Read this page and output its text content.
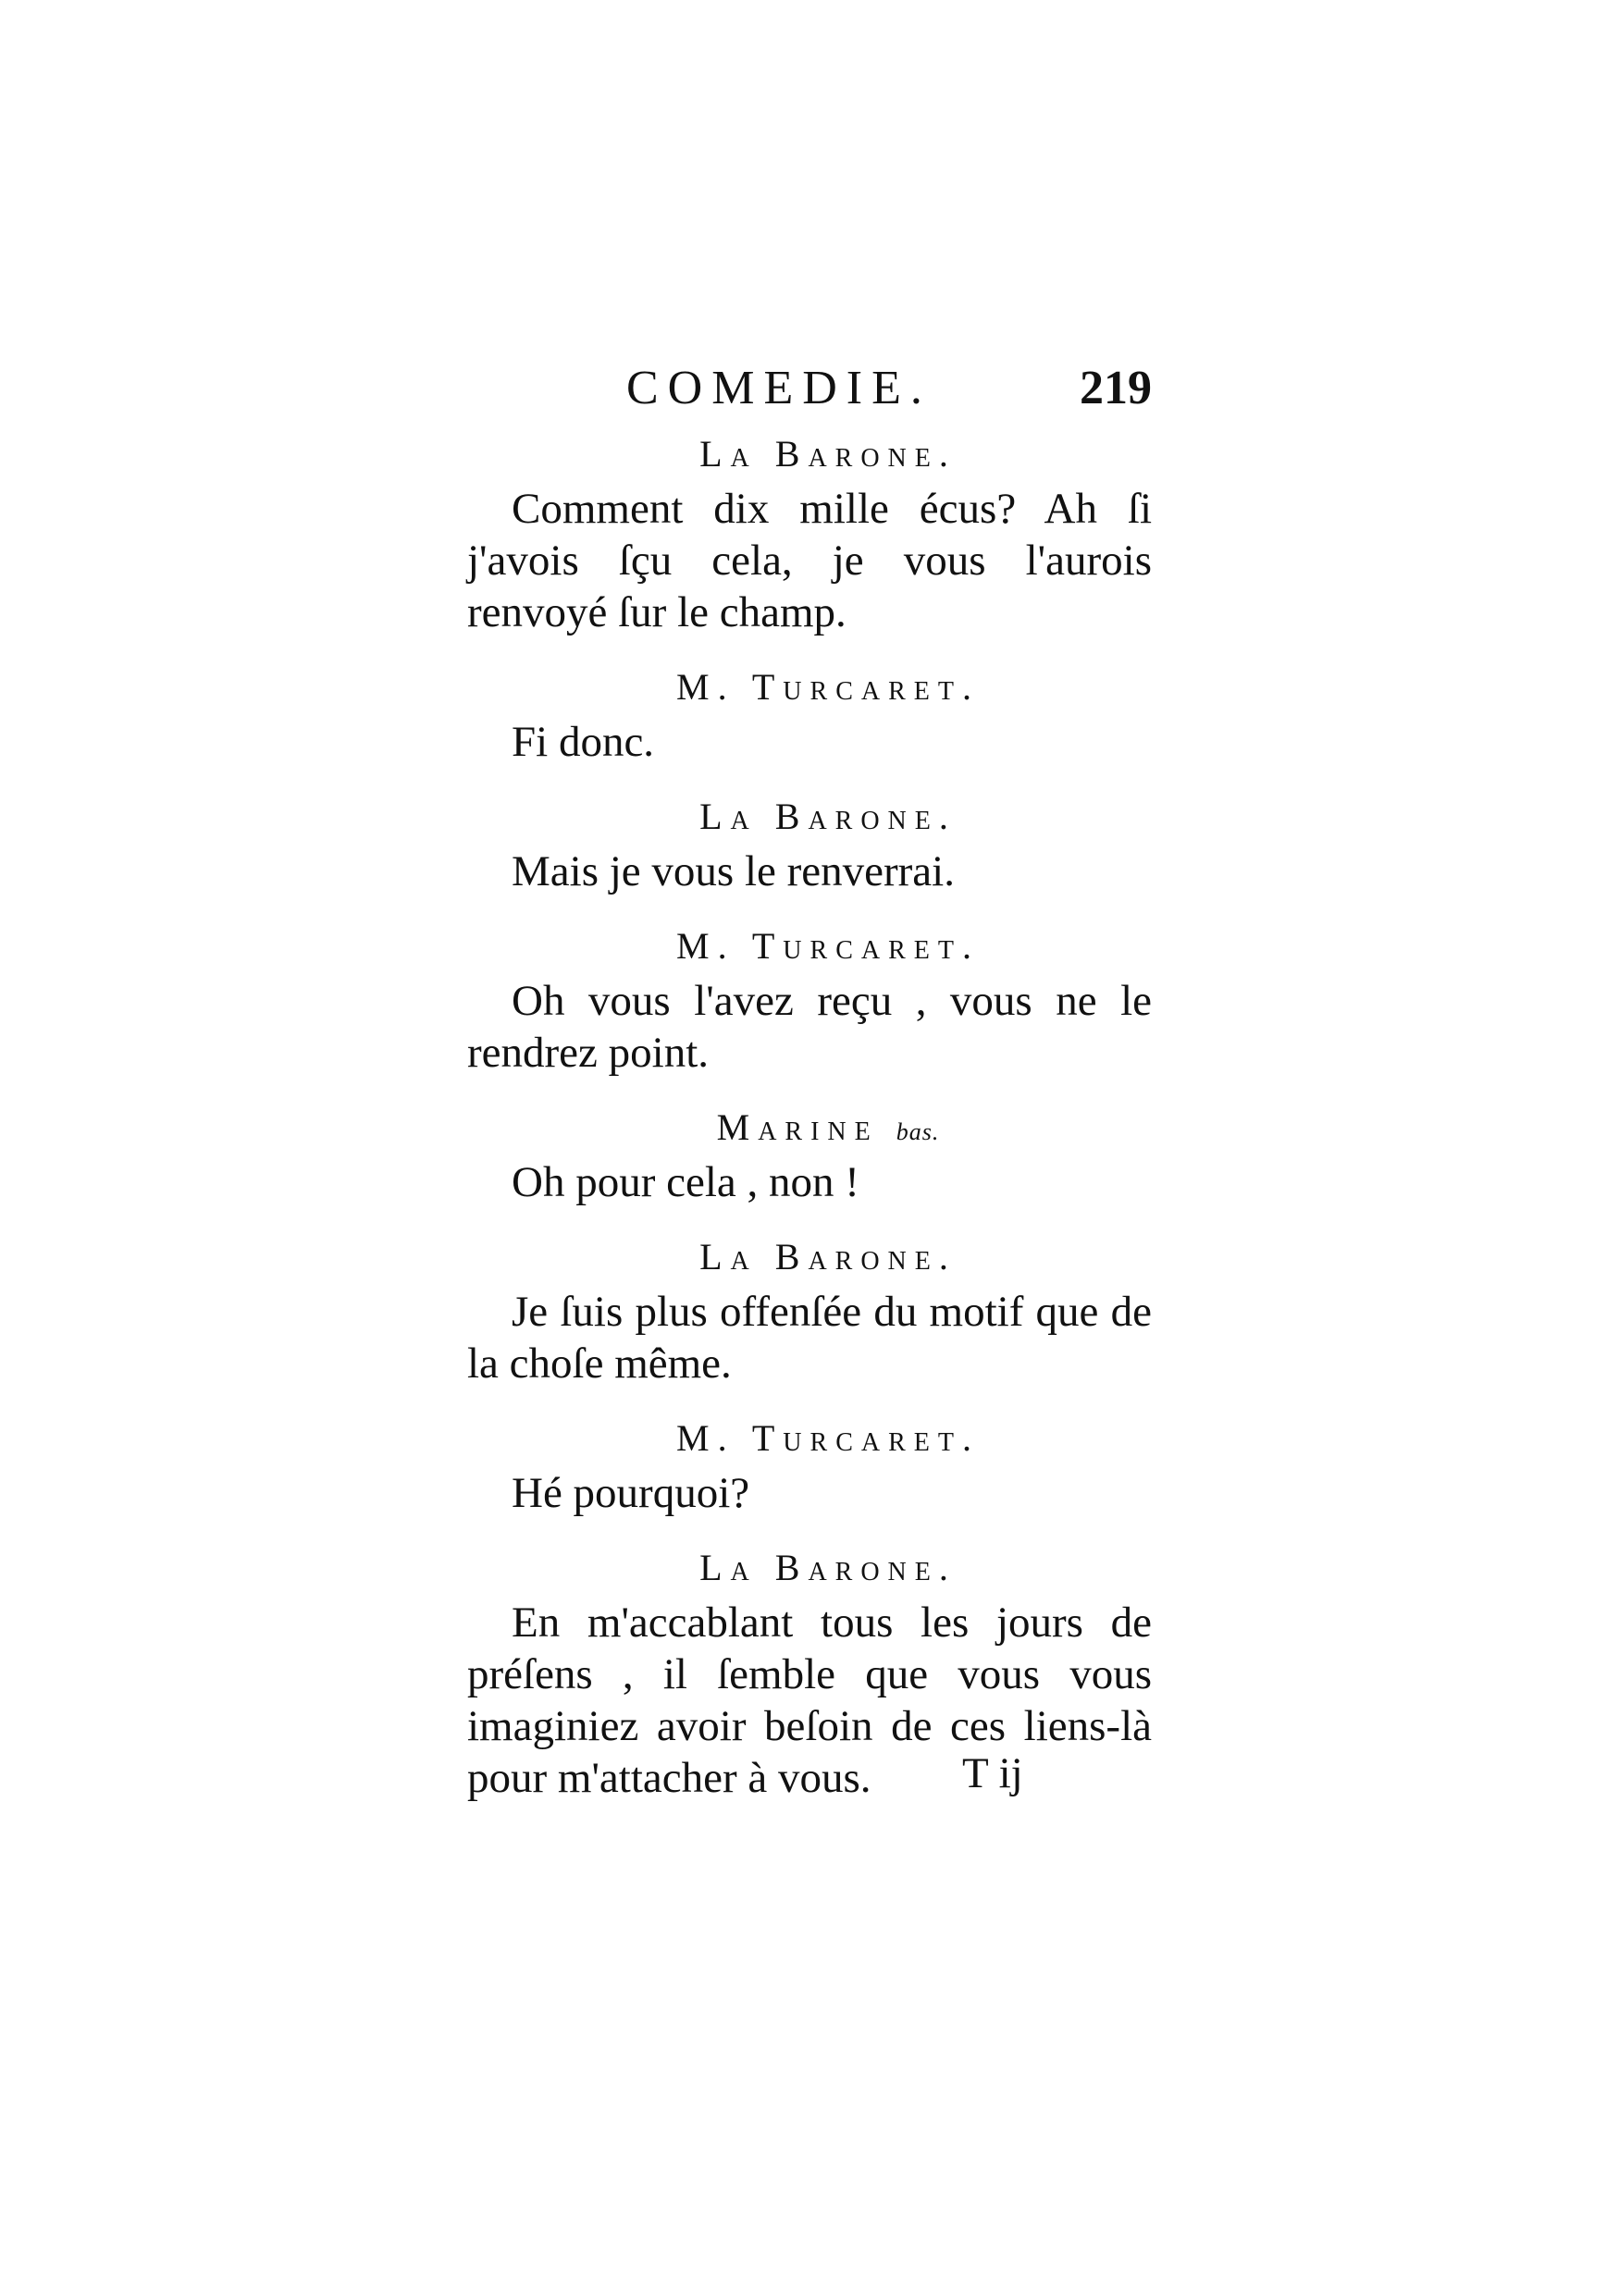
COMEDIE.	219
La Barone.

Comment dix mille écus? Ah ſi j'avois ſçu cela, je vous l'aurois renvoyé ſur le champ.

M. Turcaret.

Fi donc.

La Barone.

Mais je vous le renverrai.

M. Turcaret.

Oh vous l'avez reçu , vous ne le rendrez point.

Marine bas.

Oh pour cela , non !

La Barone.

Je ſuis plus offenſée du motif que de la choſe même.

M. Turcaret.

Hé pourquoi?

La Barone.

En m'accablant tous les jours de préſens , il ſemble que vous vous imaginiez avoir beſoin de ces liens-là pour m'attacher à vous.	T ij
